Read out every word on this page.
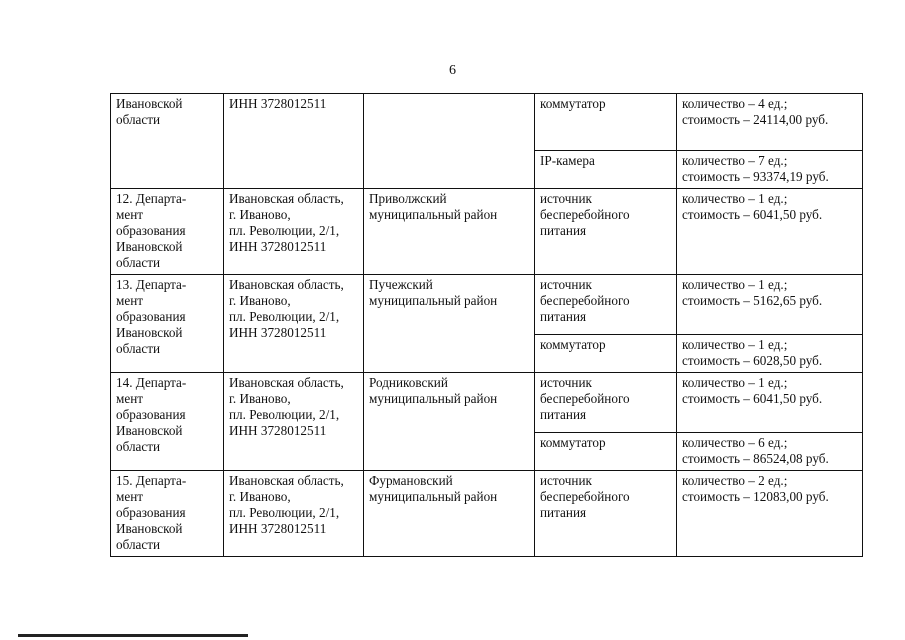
6
Ивановской
области	ИНН 3728012511		коммутатор	количество – 4 ед.;
стоимость – 24114,00 руб.

			IP-камера	количество – 7 ед.;
стоимость – 93374,19 руб.

12. Департа-
мент
образования
Ивановской
области	Ивановская область,
г. Иваново,
пл. Революции, 2/1,
ИНН 3728012511	Приволжский
муниципальный район	источник
бесперебойного
питания	количество – 1 ед.;
стоимость – 6041,50 руб.

13. Департа-
мент
образования
Ивановской
области	Ивановская область,
г. Иваново,
пл. Революции, 2/1,
ИНН 3728012511	Пучежский
муниципальный район	источник
бесперебойного
питания	количество – 1 ед.;
стоимость – 5162,65 руб.

			коммутатор	количество – 1 ед.;
стоимость – 6028,50 руб.

14. Департа-
мент
образования
Ивановской
области	Ивановская область,
г. Иваново,
пл. Революции, 2/1,
ИНН 3728012511	Родниковский
муниципальный район	источник
бесперебойного
питания	количество – 1 ед.;
стоимость – 6041,50 руб.

			коммутатор	количество – 6 ед.;
стоимость – 86524,08 руб.

15. Департа-
мент
образования
Ивановской
области	Ивановская область,
г. Иваново,
пл. Революции, 2/1,
ИНН 3728012511	Фурмановский
муниципальный район	источник
бесперебойного
питания	количество – 2 ед.;
стоимость – 12083,00 руб.
